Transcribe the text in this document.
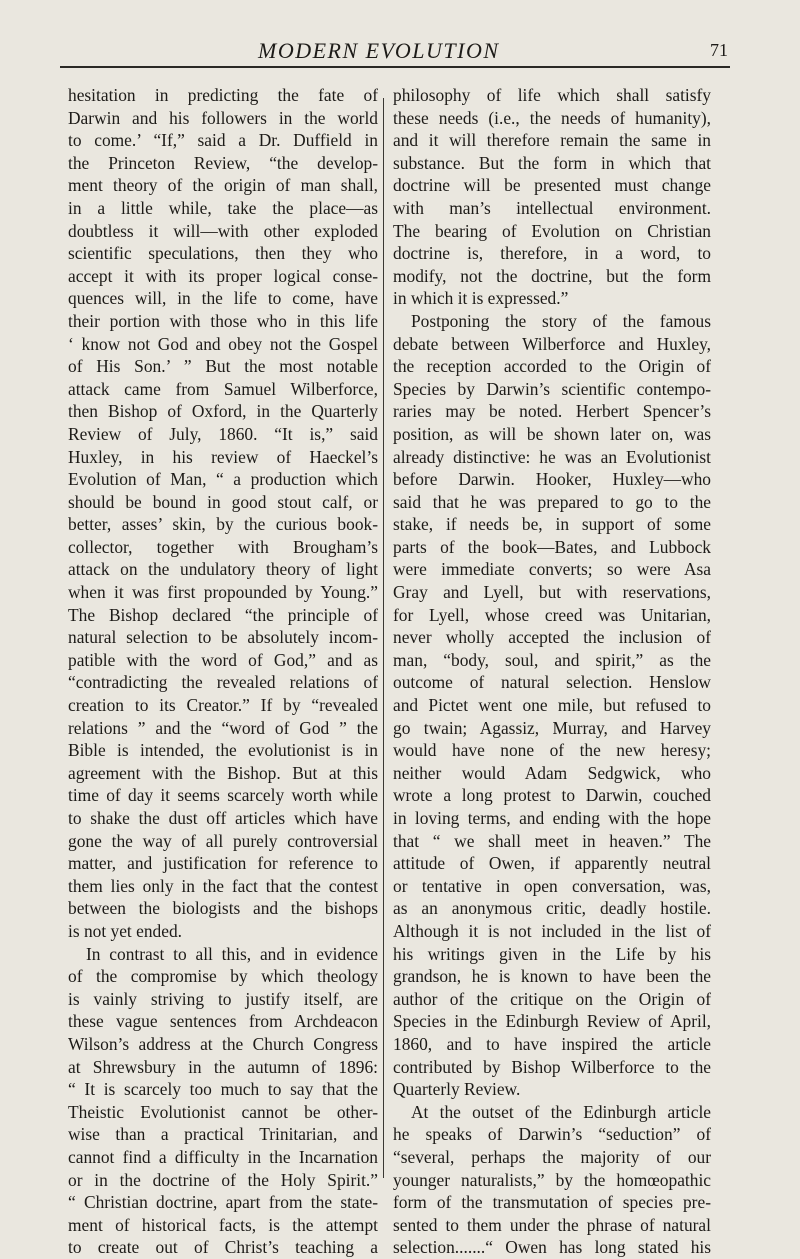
MODERN EVOLUTION	71
hesitation in predicting the fate of
Darwin and his followers in the world
to come.’ “If,” said a Dr. Duffield in
the Princeton Review, “the develop-
ment theory of the origin of man shall,
in a little while, take the place—as
doubtless it will—with other exploded
scientific speculations, then they who
accept it with its proper logical conse-
quences will, in the life to come, have
their portion with those who in this life
‘ know not God and obey not the Gospel
of His Son.’ ” But the most notable
attack came from Samuel Wilberforce,
then Bishop of Oxford, in the Quarterly
Review of July, 1860. “It is,” said
Huxley, in his review of Haeckel’s
Evolution of Man, “ a production which
should be bound in good stout calf, or
better, asses’ skin, by the curious book-
collector, together with Brougham’s
attack on the undulatory theory of light
when it was first propounded by Young.”
The Bishop declared “the principle of
natural selection to be absolutely incom-
patible with the word of God,” and as
“contradicting the revealed relations of
creation to its Creator.” If by “revealed
relations ” and the “word of God ” the
Bible is intended, the evolutionist is in
agreement with the Bishop. But at this
time of day it seems scarcely worth while
to shake the dust off articles which have
gone the way of all purely controversial
matter, and justification for reference to
them lies only in the fact that the contest
between the biologists and the bishops
is not yet ended.
In contrast to all this, and in evidence
of the compromise by which theology
is vainly striving to justify itself, are
these vague sentences from Archdeacon
Wilson’s address at the Church Congress
at Shrewsbury in the autumn of 1896:
“ It is scarcely too much to say that the
Theistic Evolutionist cannot be other-
wise than a practical Trinitarian, and
cannot find a difficulty in the Incarnation
or in the doctrine of the Holy Spirit.”
“ Christian doctrine, apart from the state-
ment of historical facts, is the attempt
to create out of Christ’s teaching a
philosophy of life which shall satisfy
these needs (i.e., the needs of humanity),
and it will therefore remain the same in
substance. But the form in which that
doctrine will be presented must change
with man’s intellectual environment.
The bearing of Evolution on Christian
doctrine is, therefore, in a word, to
modify, not the doctrine, but the form
in which it is expressed.”
Postponing the story of the famous
debate between Wilberforce and Huxley,
the reception accorded to the Origin of
Species by Darwin’s scientific contempo-
raries may be noted. Herbert Spencer’s
position, as will be shown later on, was
already distinctive: he was an Evolutionist
before Darwin. Hooker, Huxley—who
said that he was prepared to go to the
stake, if needs be, in support of some
parts of the book—Bates, and Lubbock
were immediate converts; so were Asa
Gray and Lyell, but with reservations,
for Lyell, whose creed was Unitarian,
never wholly accepted the inclusion of
man, “body, soul, and spirit,” as the
outcome of natural selection. Henslow
and Pictet went one mile, but refused to
go twain; Agassiz, Murray, and Harvey
would have none of the new heresy;
neither would Adam Sedgwick, who
wrote a long protest to Darwin, couched
in loving terms, and ending with the hope
that “ we shall meet in heaven.” The
attitude of Owen, if apparently neutral
or tentative in open conversation, was,
as an anonymous critic, deadly hostile.
Although it is not included in the list of
his writings given in the Life by his
grandson, he is known to have been the
author of the critique on the Origin of
Species in the Edinburgh Review of April,
1860, and to have inspired the article
contributed by Bishop Wilberforce to the
Quarterly Review.
At the outset of the Edinburgh article
he speaks of Darwin’s “seduction” of
“several, perhaps the majority of our
younger naturalists,” by the homœopathic
form of the transmutation of species pre-
sented to them under the phrase of natural
selection.......“ Owen has long stated his
